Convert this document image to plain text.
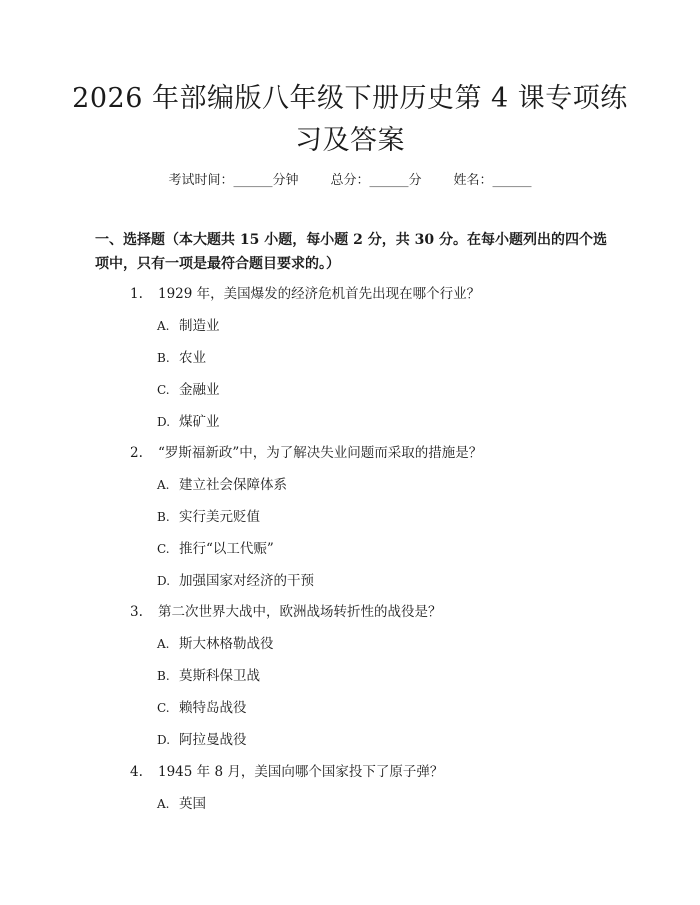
2026 年部编版八年级下册历史第 4 课专项练
习及答案
考试时间：______分钟 总分：______分 姓名：______
一、选择题（本大题共 15 小题，每小题 2 分，共 30 分。在每小题列出的四个选项中，只有一项是最符合题目要求的。）
1. 1929 年，美国爆发的经济危机首先出现在哪个行业？
A. 制造业
B. 农业
C. 金融业
D. 煤矿业
2. “罗斯福新政”中，为了解决失业问题而采取的措施是？
A. 建立社会保障体系
B. 实行美元贬值
C. 推行“以工代赈”
D. 加强国家对经济的干预
3. 第二次世界大战中，欧洲战场转折性的战役是？
A. 斯大林格勒战役
B. 莫斯科保卫战
C. 赖特岛战役
D. 阿拉曼战役
4. 1945 年 8 月，美国向哪个国家投下了原子弹？
A. 英国
